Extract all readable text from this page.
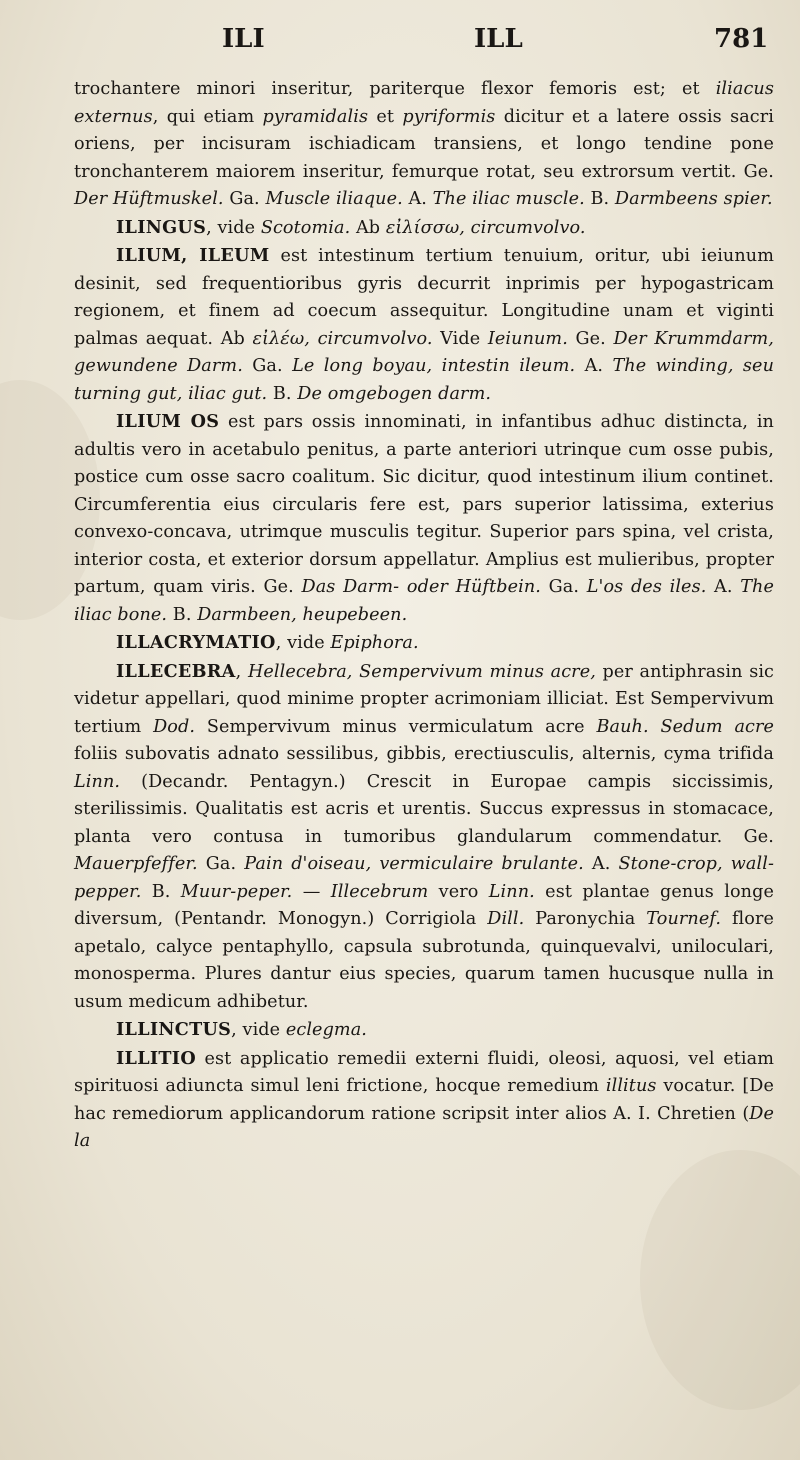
ILI	ILL	781

trochantere minori inseritur, pariterque flexor femoris est; et iliacus externus, qui etiam pyramidalis et pyriformis dicitur et a latere ossis sacri oriens, per incisuram ischiadicam transiens, et longo tendine pone tronchanterem maiorem inseritur, femurque rotat, seu extrorsum vertit. Ge. Der Hüftmuskel. Ga. Muscle iliaque. A. The iliac muscle. B. Darmbeens spier.

ILINGUS, vide Scotomia. Ab εἰλίσσω, circumvolvo.

ILIUM, ILEUM est intestinum tertium tenuium, oritur, ubi ieiunum desinit, sed frequentioribus gyris decurrit inprimis per hypogastricam regionem, et finem ad coecum assequitur. Longitudine unam et viginti palmas aequat. Ab εἰλέω, circumvolvo. Vide Ieiunum. Ge. Der Krummdarm, gewundene Darm. Ga. Le long boyau, intestin ileum. A. The winding, seu turning gut, iliac gut. B. De omgebogen darm.

ILIUM OS est pars ossis innominati, in infantibus adhuc distincta, in adultis vero in acetabulo penitus, a parte anteriori utrinque cum osse pubis, postice cum osse sacro coalitum. Sic dicitur, quod intestinum ilium continet. Circumferentia eius circularis fere est, pars superior latissima, exterius convexo-concava, utrimque musculis tegitur. Superior pars spina, vel crista, interior costa, et exterior dorsum appellatur. Amplius est mulieribus, propter partum, quam viris. Ge. Das Darm- oder Hüftbein. Ga. L'os des iles. A. The iliac bone. B. Darmbeen, heupebeen.

ILLACRYMATIO, vide Epiphora.

ILLECEBRA, Hellecebra, Sempervivum minus acre, per antiphrasin sic videtur appellari, quod minime propter acrimoniam illiciat. Est Sempervivum tertium Dod. Sempervivum minus vermiculatum acre Bauh. Sedum acre foliis subovatis adnato sessilibus, gibbis, erectiusculis, alternis, cyma trifida Linn. (Decandr. Pentagyn.) Crescit in Europae campis siccissimis, sterilissimis. Qualitatis est acris et urentis. Succus expressus in stomacace, planta vero contusa in tumoribus glandularum commendatur. Ge. Mauerpfeffer. Ga. Pain d'oiseau, vermiculaire brulante. A. Stone-crop, wall-pepper. B. Muur-peper. — Illecebrum vero Linn. est plantae genus longe diversum, (Pentandr. Monogyn.) Corrigiola Dill. Paronychia Tournef. flore apetalo, calyce pentaphyllo, capsula subrotunda, quinquevalvi, uniloculari, monosperma. Plures dantur eius species, quarum tamen hucusque nulla in usum medicum adhibetur.

ILLINCTUS, vide ecleg​ma.

ILLITIO est applicatio remedii externi fluidi, oleosi, aquosi, vel etiam spirituosi adiuncta simul leni frictione, hocque remedium illitus vocatur. [De hac remediorum applicandorum ratione scripsit inter alios A. I. Chretien (De la
